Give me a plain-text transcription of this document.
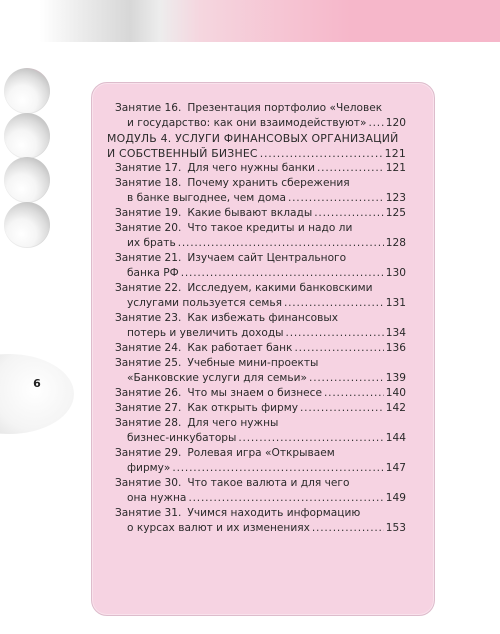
6
Занятие 16. Презентация портфолио «Человек
и государство: как они взаимодействуют» ..... 120
МОДУЛЬ 4. УСЛУГИ ФИНАНСОВЫХ ОРГАНИЗАЦИЙ
И СОБСТВЕННЫЙ БИЗНЕС .....	121
Занятие 17. Для чего нужны банки .....	121
Занятие 18. Почему хранить сбережения
в банке выгоднее, чем дома .....	123
Занятие 19. Какие бывают вклады .....	125
Занятие 20. Что такое кредиты и надо ли
их брать .....	128
Занятие 21. Изучаем сайт Центрального
банка РФ .....	130
Занятие 22. Исследуем, какими банковскими
услугами пользуется семья .....	131
Занятие 23. Как избежать финансовых
потерь и увеличить доходы .....	134
Занятие 24. Как работает банк .....	136
Занятие 25. Учебные мини-проекты
«Банковские услуги для семьи» .....	139
Занятие 26. Что мы знаем о бизнесе .....	140
Занятие 27. Как открыть фирму .....	142
Занятие 28. Для чего нужны
бизнес-инкубаторы .....	144
Занятие 29. Ролевая игра «Открываем
фирму» .....	147
Занятие 30. Что такое валюта и для чего
она нужна .....	149
Занятие 31. Учимся находить информацию
о курсах валют и их изменениях .....	153
